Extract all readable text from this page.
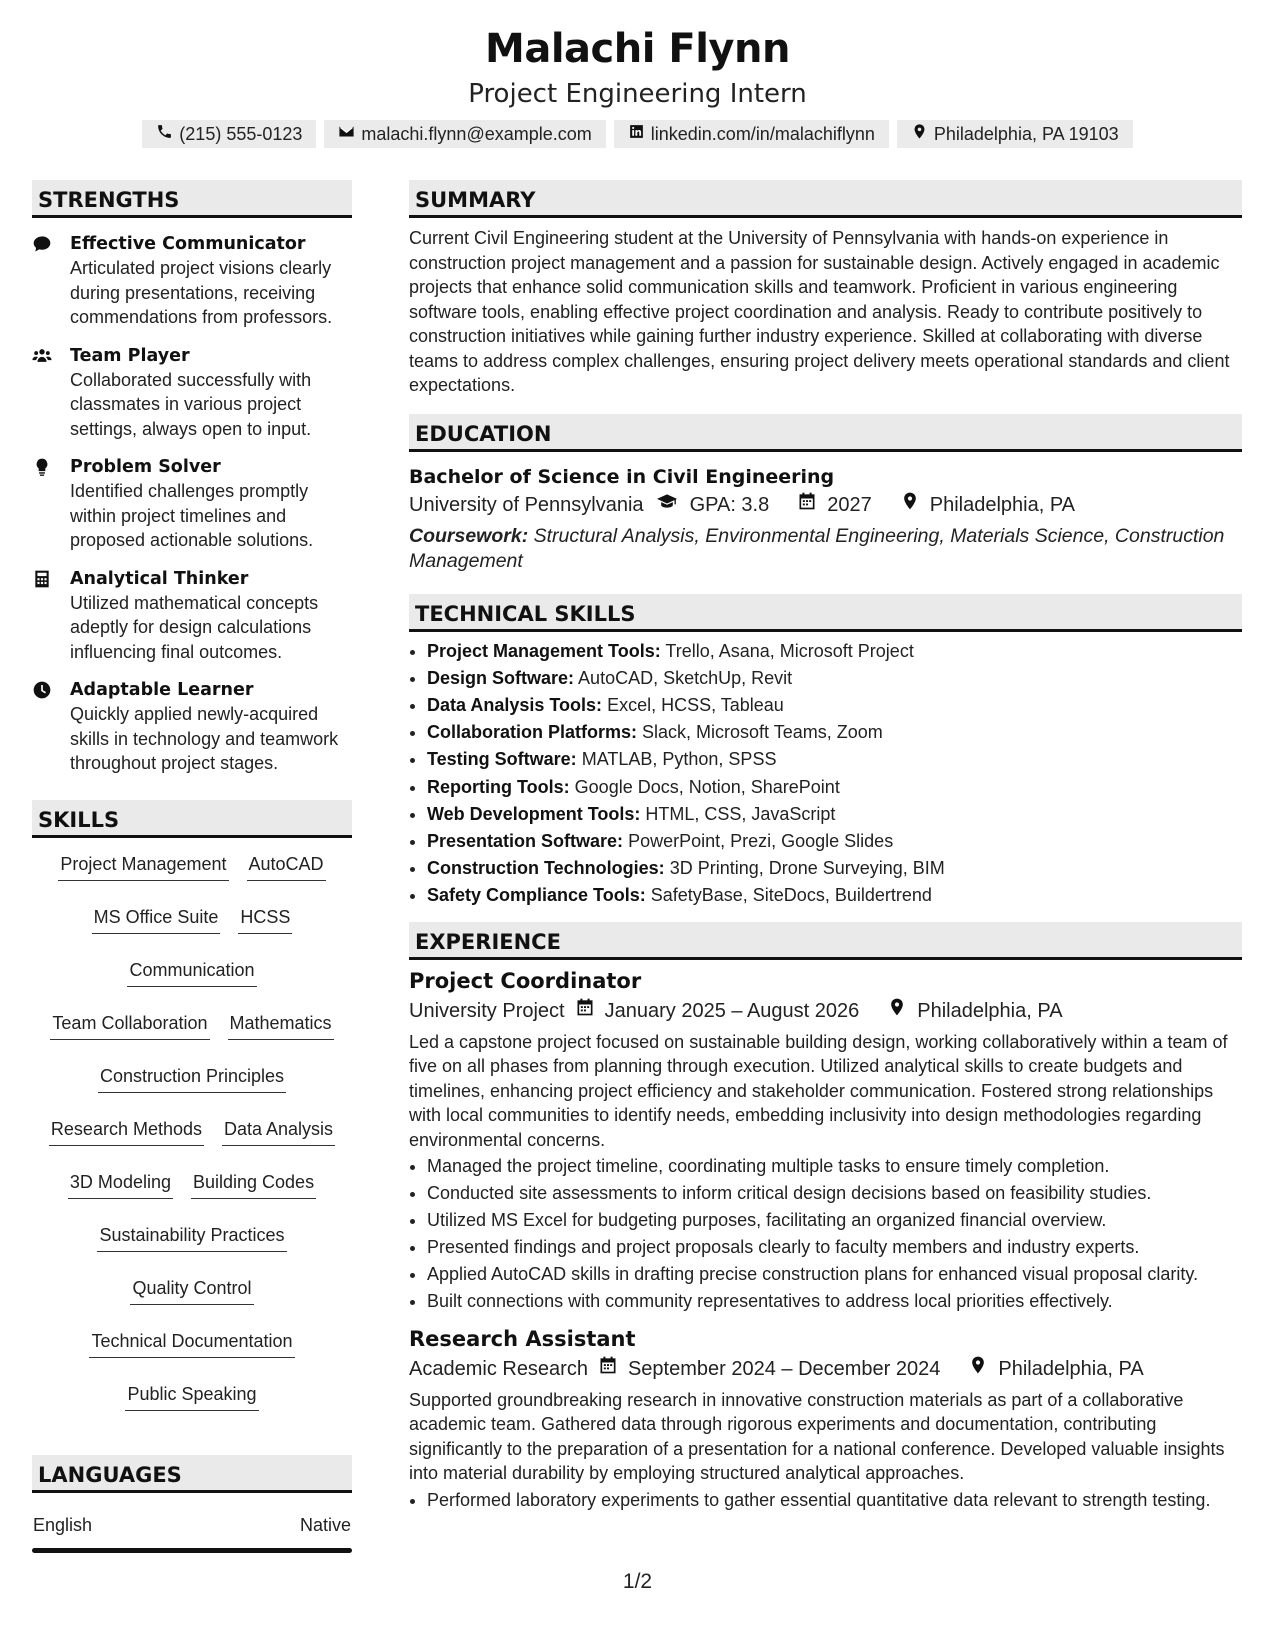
Malachi Flynn
Project Engineering Intern
(215) 555-0123	malachi.flynn@example.com	linkedin.com/in/malachiflynn	Philadelphia, PA 19103
STRENGTHS
Effective Communicator
Articulated project visions clearly during presentations, receiving commendations from professors.
Team Player
Collaborated successfully with classmates in various project settings, always open to input.
Problem Solver
Identified challenges promptly within project timelines and proposed actionable solutions.
Analytical Thinker
Utilized mathematical concepts adeptly for design calculations influencing final outcomes.
Adaptable Learner
Quickly applied newly-acquired skills in technology and teamwork throughout project stages.
SKILLS
Project Management AutoCAD
MS Office Suite HCSS
Communication
Team Collaboration Mathematics
Construction Principles
Research Methods Data Analysis
3D Modeling Building Codes
Sustainability Practices
Quality Control
Technical Documentation
Public Speaking
LANGUAGES
English	Native
SUMMARY

Current Civil Engineering student at the University of Pennsylvania with hands-on experience in construction project management and a passion for sustainable design. Actively engaged in academic projects that enhance solid communication skills and teamwork. Proficient in various engineering software tools, enabling effective project coordination and analysis. Ready to contribute positively to construction initiatives while gaining further industry experience. Skilled at collaborating with diverse teams to address complex challenges, ensuring project delivery meets operational standards and client expectations.

EDUCATION
Bachelor of Science in Civil Engineering
University of Pennsylvania GPA: 3.8	2027	Philadelphia, PA
Coursework: Structural Analysis, Environmental Engineering, Materials Science, Construction Management
TECHNICAL SKILLS
• Project Management Tools: Trello, Asana, Microsoft Project
• Design Software: AutoCAD, SketchUp, Revit
• Data Analysis Tools: Excel, HCSS, Tableau
• Collaboration Platforms: Slack, Microsoft Teams, Zoom
• Testing Software: MATLAB, Python, SPSS
• Reporting Tools: Google Docs, Notion, SharePoint
• Web Development Tools: HTML, CSS, JavaScript
• Presentation Software: PowerPoint, Prezi, Google Slides
• Construction Technologies: 3D Printing, Drone Surveying, BIM
• Safety Compliance Tools: SafetyBase, SiteDocs, Buildertrend
EXPERIENCE
Project Coordinator
University Project January 2025 – August 2026	Philadelphia, PA

Led a capstone project focused on sustainable building design, working collaboratively within a team of five on all phases from planning through execution. Utilized analytical skills to create budgets and timelines, enhancing project efficiency and stakeholder communication. Fostered strong relationships with local communities to identify needs, embedding inclusivity into design methodologies regarding environmental concerns.

• Managed the project timeline, coordinating multiple tasks to ensure timely completion.
• Conducted site assessments to inform critical design decisions based on feasibility studies.
• Utilized MS Excel for budgeting purposes, facilitating an organized financial overview.
• Presented findings and project proposals clearly to faculty members and industry experts.
• Applied AutoCAD skills in drafting precise construction plans for enhanced visual proposal clarity.
• Built connections with community representatives to address local priorities effectively.
Research Assistant
Academic Research September 2024 – December 2024	Philadelphia, PA

Supported groundbreaking research in innovative construction materials as part of a collaborative academic team. Gathered data through rigorous experiments and documentation, contributing significantly to the preparation of a presentation for a national conference. Developed valuable insights into material durability by employing structured analytical approaches.

• Performed laboratory experiments to gather essential quantitative data relevant to strength testing.
1/2
